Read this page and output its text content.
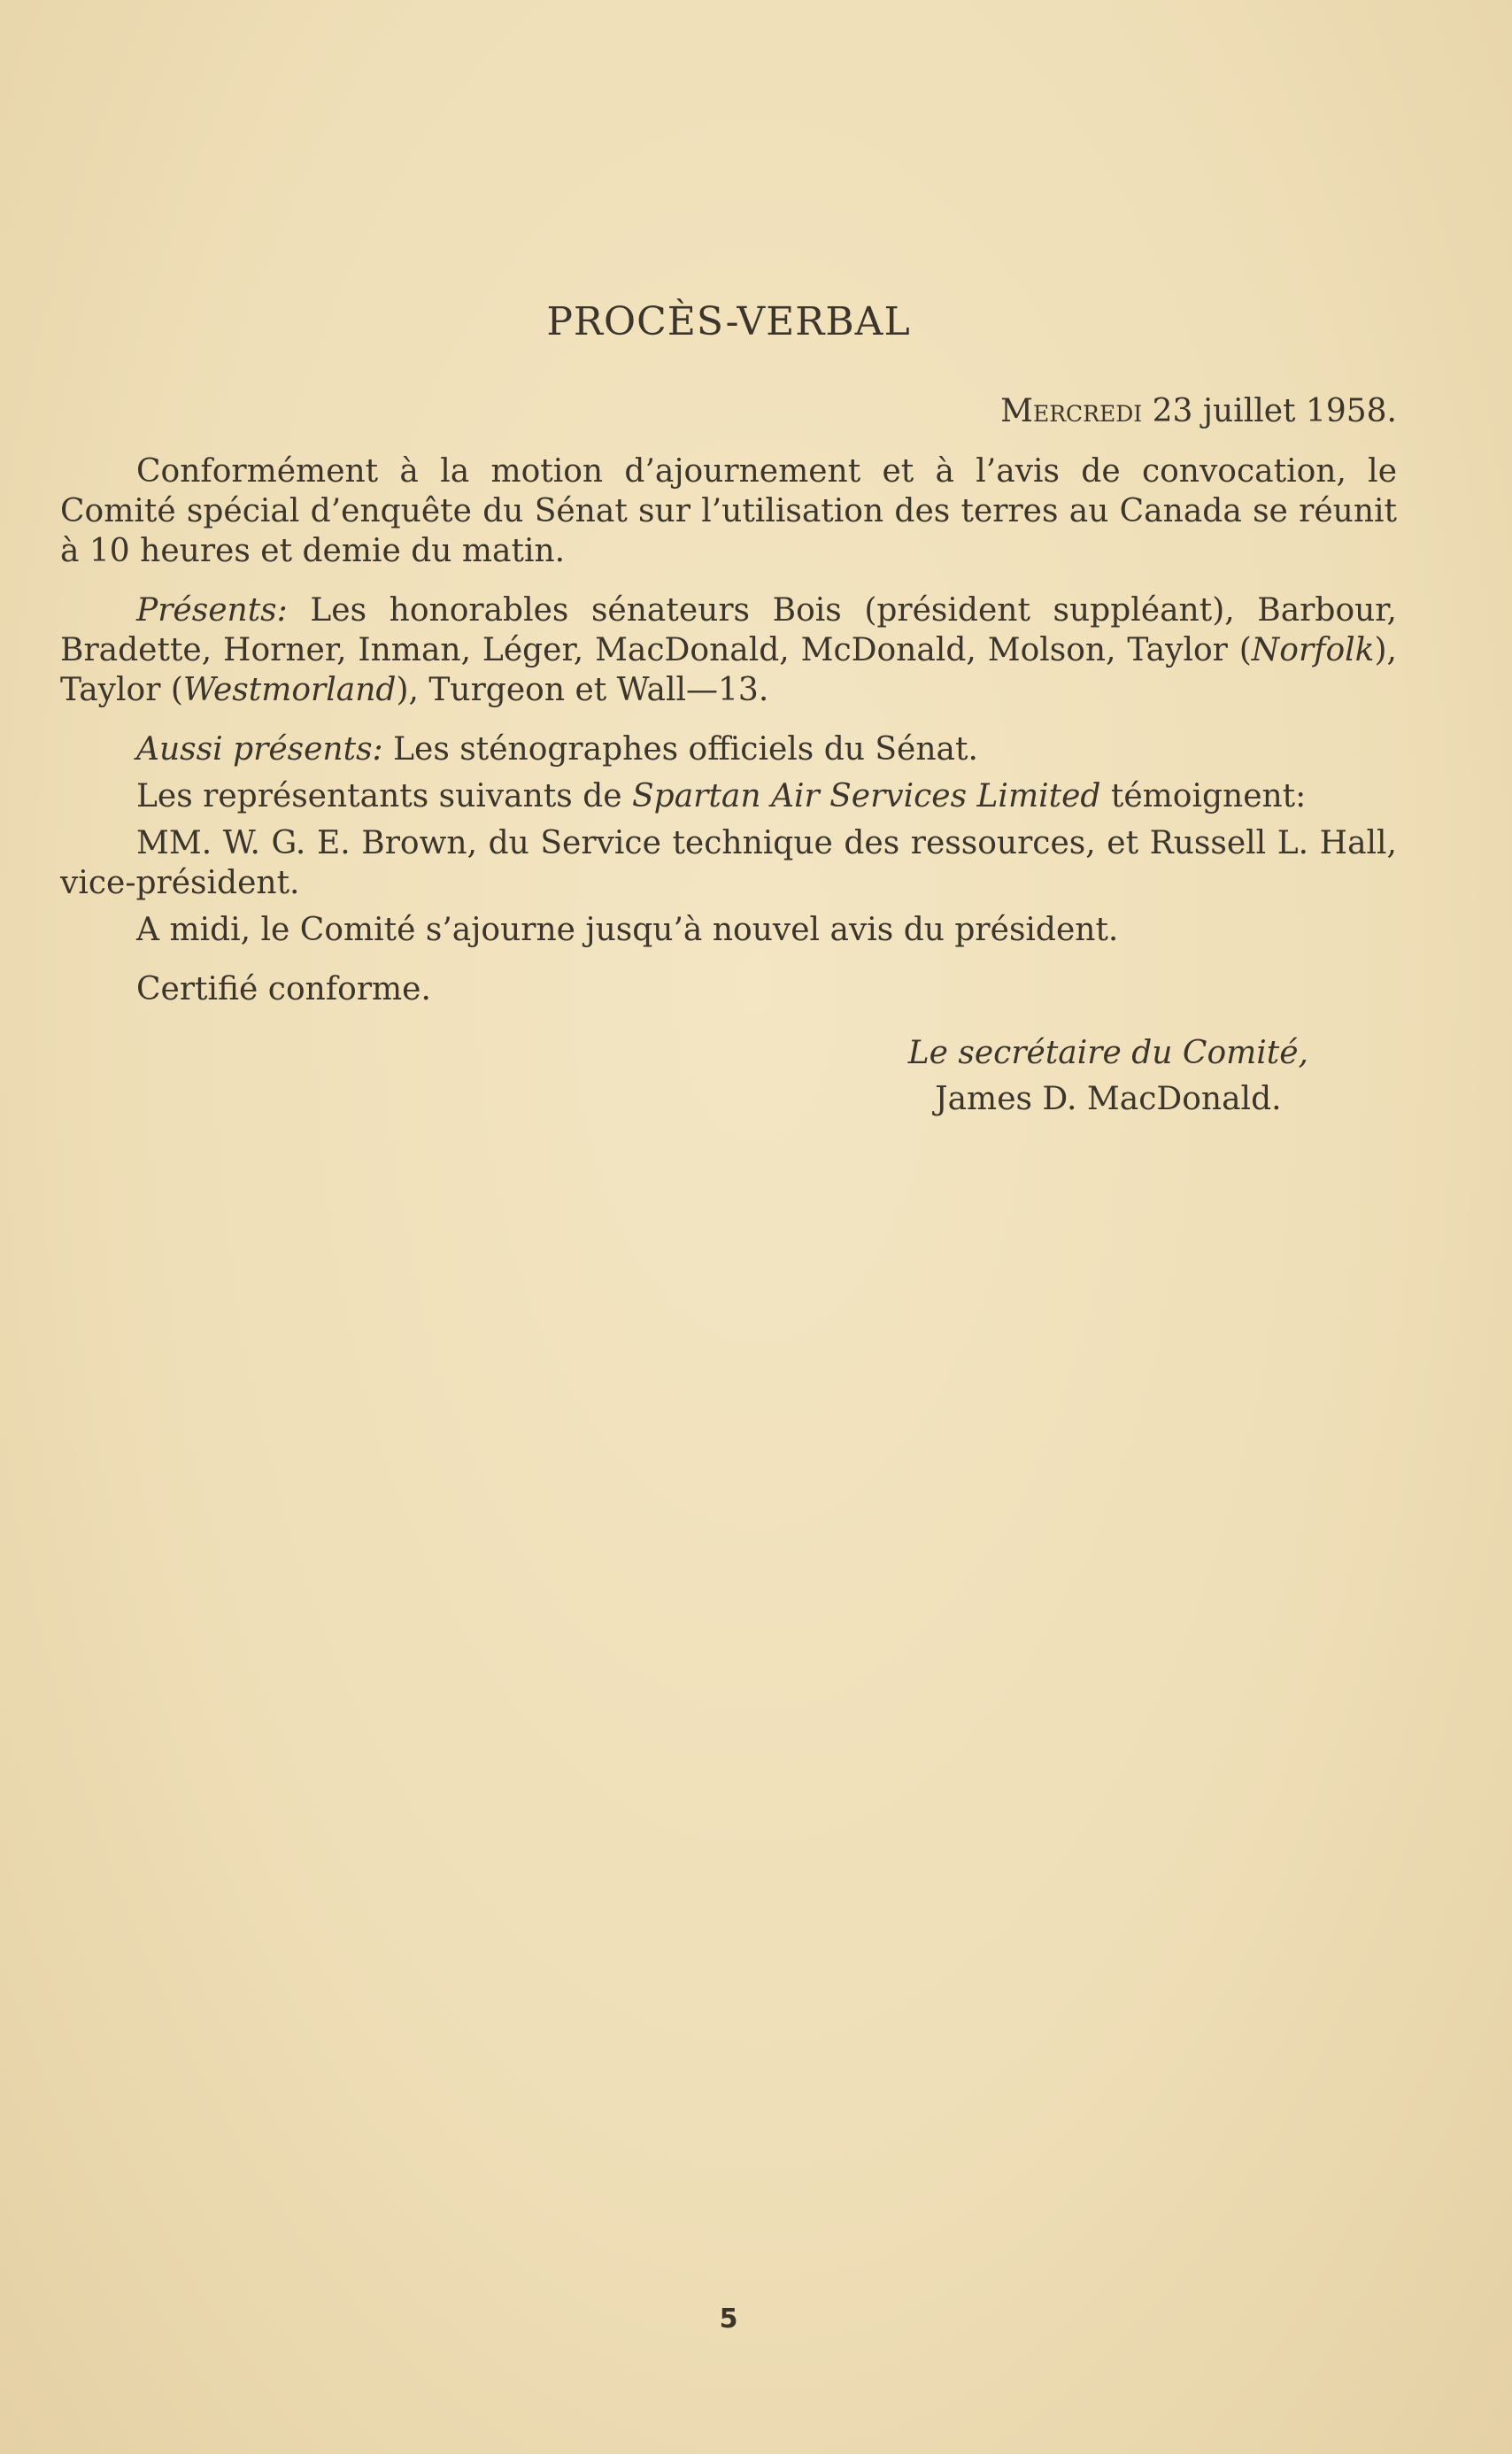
PROCÈS-VERBAL

Mercredi 23 juillet 1958.

Conformément à la motion d’ajournement et à l’avis de convocation, le Comité spécial d’enquête du Sénat sur l’utilisation des terres au Canada se réunit à 10 heures et demie du matin.

Présents: Les honorables sénateurs Bois (président suppléant), Barbour, Bradette, Horner, Inman, Léger, MacDonald, McDonald, Molson, Taylor (Norfolk), Taylor (Westmorland), Turgeon et Wall—13.

Aussi présents: Les sténographes officiels du Sénat.

Les représentants suivants de Spartan Air Services Limited témoignent:

MM. W. G. E. Brown, du Service technique des ressources, et Russell L. Hall, vice-président.

A midi, le Comité s’ajourne jusqu’à nouvel avis du président.

Certifié conforme.

Le secrétaire du Comité,
James D. MacDonald.
5
